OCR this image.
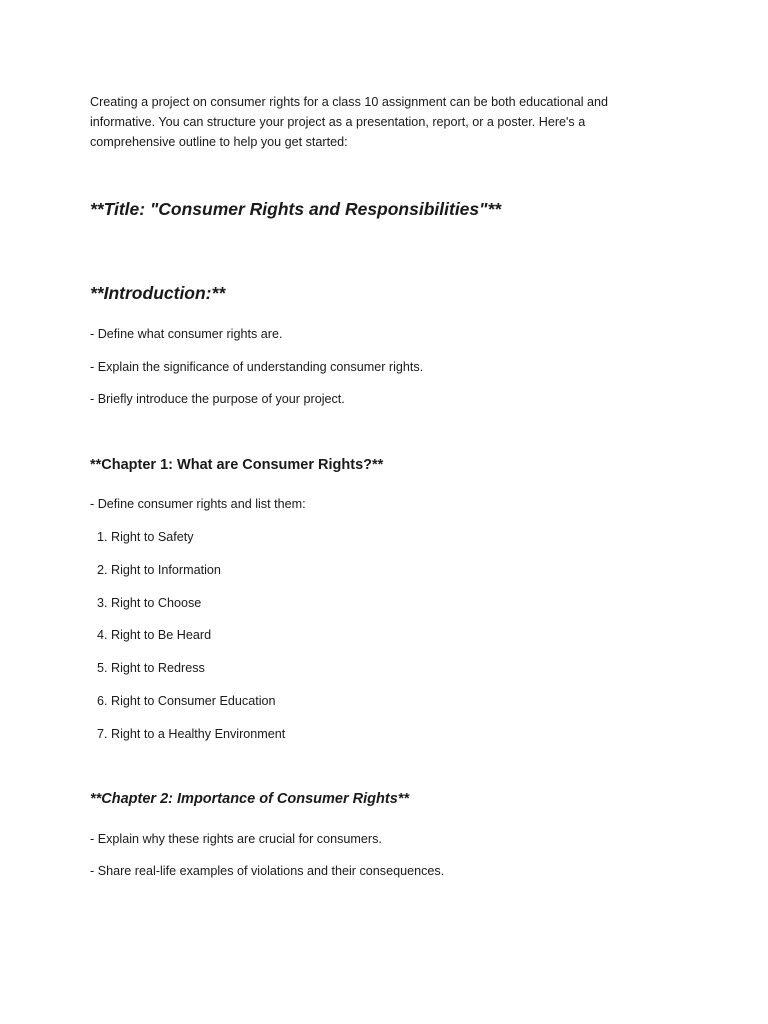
Creating a project on consumer rights for a class 10 assignment can be both educational and informative. You can structure your project as a presentation, report, or a poster. Here's a comprehensive outline to help you get started:

**Title: "Consumer Rights and Responsibilities"**
**Introduction:**

- Define what consumer rights are.

- Explain the significance of understanding consumer rights.

- Briefly introduce the purpose of your project.

**Chapter 1: What are Consumer Rights?**

- Define consumer rights and list them:

1. Right to Safety

2. Right to Information

3. Right to Choose

4. Right to Be Heard

5. Right to Redress

6. Right to Consumer Education

7. Right to a Healthy Environment

**Chapter 2: Importance of Consumer Rights**

- Explain why these rights are crucial for consumers.

- Share real-life examples of violations and their consequences.
